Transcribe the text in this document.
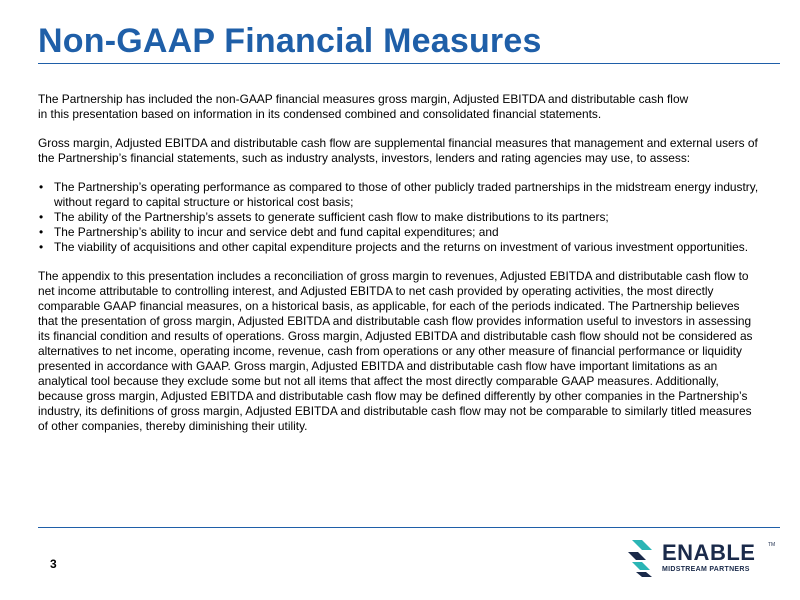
Non-GAAP Financial Measures

The Partnership has included the non-GAAP financial measures gross margin, Adjusted EBITDA and distributable cash flow

in this presentation based on information in its condensed combined and consolidated financial statements.

Gross margin, Adjusted EBITDA and distributable cash flow are supplemental financial measures that management and external users of the Partnership’s financial statements, such as industry analysts, investors, lenders and rating agencies may use, to assess:

• The Partnership’s operating performance as compared to those of other publicly traded partnerships in the midstream energy industry, without regard to capital structure or historical cost basis;
• The ability of the Partnership’s assets to generate sufficient cash flow to make distributions to its partners;
• The Partnership’s ability to incur and service debt and fund capital expenditures; and
• The viability of acquisitions and other capital expenditure projects and the returns on investment of various investment opportunities.

The appendix to this presentation includes a reconciliation of gross margin to revenues, Adjusted EBITDA and distributable cash flow to net income attributable to controlling interest, and Adjusted EBITDA to net cash provided by operating activities, the most directly comparable GAAP financial measures, on a historical basis, as applicable, for each of the periods indicated. The Partnership believes that the presentation of gross margin, Adjusted EBITDA and distributable cash flow provides information useful to investors in assessing its financial condition and results of operations. Gross margin, Adjusted EBITDA and distributable cash flow should not be considered as alternatives to net income, operating income, revenue, cash from operations or any other measure of financial performance or liquidity presented in accordance with GAAP. Gross margin, Adjusted EBITDA and distributable cash flow have important limitations as an analytical tool because they exclude some but not all items that affect the most directly comparable GAAP measures. Additionally, because gross margin, Adjusted EBITDA and distributable cash flow may be defined differently by other companies in the Partnership’s industry, its definitions of gross margin, Adjusted EBITDA and distributable cash flow may not be comparable to similarly titled measures of other companies, thereby diminishing their utility.

3	ENABLE	TM
MIDSTREAM PARTNERS
